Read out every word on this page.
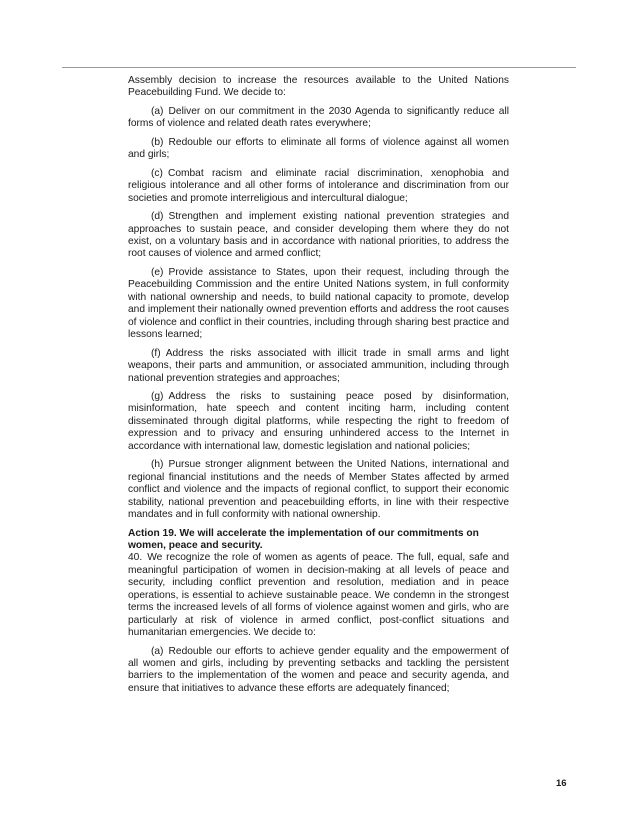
Assembly decision to increase the resources available to the United Nations Peacebuilding Fund. We decide to:

(a) Deliver on our commitment in the 2030 Agenda to significantly reduce all forms of violence and related death rates everywhere;

(b) Redouble our efforts to eliminate all forms of violence against all women and girls;

(c) Combat racism and eliminate racial discrimination, xenophobia and religious intolerance and all other forms of intolerance and discrimination from our societies and promote interreligious and intercultural dialogue;

(d) Strengthen and implement existing national prevention strategies and approaches to sustain peace, and consider developing them where they do not exist, on a voluntary basis and in accordance with national priorities, to address the root causes of violence and armed conflict;

(e) Provide assistance to States, upon their request, including through the Peacebuilding Commission and the entire United Nations system, in full conformity with national ownership and needs, to build national capacity to promote, develop and implement their nationally owned prevention efforts and address the root causes of violence and conflict in their countries, including through sharing best practice and lessons learned;

(f) Address the risks associated with illicit trade in small arms and light weapons, their parts and ammunition, or associated ammunition, including through national prevention strategies and approaches;

(g) Address the risks to sustaining peace posed by disinformation, misinformation, hate speech and content inciting harm, including content disseminated through digital platforms, while respecting the right to freedom of expression and to privacy and ensuring unhindered access to the Internet in accordance with international law, domestic legislation and national policies;

(h) Pursue stronger alignment between the United Nations, international and regional financial institutions and the needs of Member States affected by armed conflict and violence and the impacts of regional conflict, to support their economic stability, national prevention and peacebuilding efforts, in line with their respective mandates and in full conformity with national ownership.

Action 19. We will accelerate the implementation of our commitments on women, peace and security.

40. We recognize the role of women as agents of peace. The full, equal, safe and meaningful participation of women in decision-making at all levels of peace and security, including conflict prevention and resolution, mediation and in peace operations, is essential to achieve sustainable peace. We condemn in the strongest terms the increased levels of all forms of violence against women and girls, who are particularly at risk of violence in armed conflict, post-conflict situations and humanitarian emergencies. We decide to:

(a) Redouble our efforts to achieve gender equality and the empowerment of all women and girls, including by preventing setbacks and tackling the persistent barriers to the implementation of the women and peace and security agenda, and ensure that initiatives to advance these efforts are adequately financed;

16
